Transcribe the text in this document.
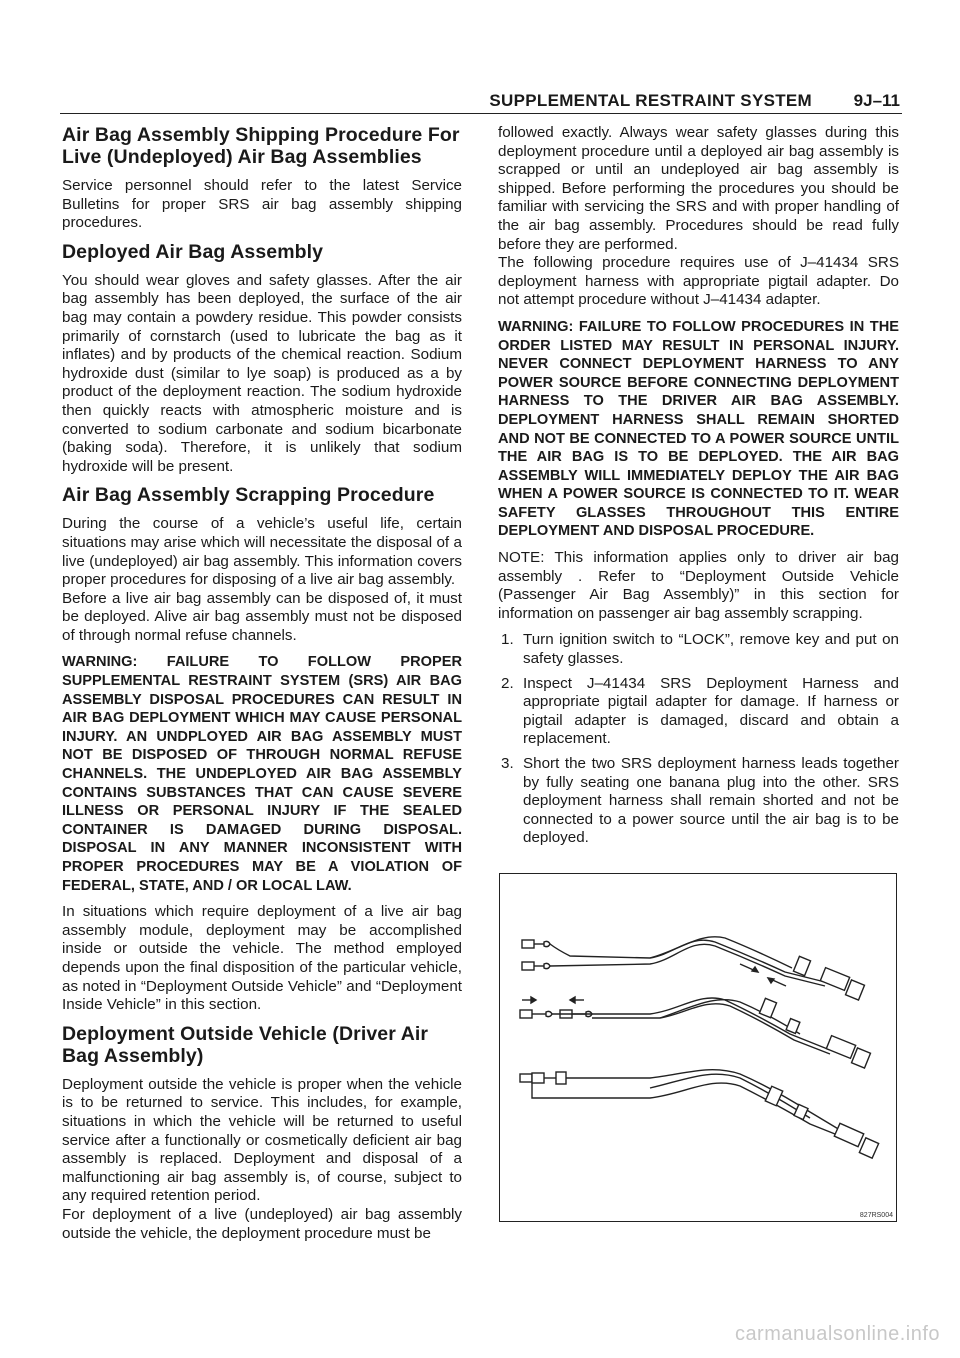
SUPPLEMENTAL RESTRAINT SYSTEM 9J–11
Air Bag Assembly Shipping Procedure For Live (Undeployed) Air Bag Assemblies

Service personnel should refer to the latest Service Bulletins for proper SRS air bag assembly shipping procedures.

Deployed Air Bag Assembly

You should wear gloves and safety glasses. After the air bag assembly has been deployed, the surface of the air bag may contain a powdery residue. This powder consists primarily of cornstarch (used to lubricate the bag as it inflates) and by products of the chemical reaction. Sodium hydroxide dust (similar to lye soap) is produced as a by product of the deployment reaction. The sodium hydroxide then quickly reacts with atmospheric moisture and is converted to sodium carbonate and sodium bicarbonate (baking soda). Therefore, it is unlikely that sodium hydroxide will be present.

Air Bag Assembly Scrapping Procedure

During the course of a vehicle’s useful life, certain situations may arise which will necessitate the disposal of a live (undeployed) air bag assembly. This information covers proper procedures for disposing of a live air bag assembly.

Before a live air bag assembly can be disposed of, it must be deployed. Alive air bag assembly must not be disposed of through normal refuse channels.

WARNING: FAILURE TO FOLLOW PROPER SUPPLEMENTAL RESTRAINT SYSTEM (SRS) AIR BAG ASSEMBLY DISPOSAL PROCEDURES CAN RESULT IN AIR BAG DEPLOYMENT WHICH MAY CAUSE PERSONAL INJURY. AN UNDPLOYED AIR BAG ASSEMBLY MUST NOT BE DISPOSED OF THROUGH NORMAL REFUSE CHANNELS. THE UNDEPLOYED AIR BAG ASSEMBLY CONTAINS SUBSTANCES THAT CAN CAUSE SEVERE ILLNESS OR PERSONAL INJURY IF THE SEALED CONTAINER IS DAMAGED DURING DISPOSAL. DISPOSAL IN ANY MANNER INCONSISTENT WITH PROPER PROCEDURES MAY BE A VIOLATION OF FEDERAL, STATE, AND / OR LOCAL LAW.

In situations which require deployment of a live air bag assembly module, deployment may be accomplished inside or outside the vehicle. The method employed depends upon the final disposition of the particular vehicle, as noted in “Deployment Outside Vehicle” and “Deployment Inside Vehicle” in this section.

Deployment Outside Vehicle (Driver Air Bag Assembly)

Deployment outside the vehicle is proper when the vehicle is to be returned to service. This includes, for example, situations in which the vehicle will be returned to useful service after a functionally or cosmetically deficient air bag assembly is replaced. Deployment and disposal of a malfunctioning air bag assembly is, of course, subject to any required retention period.

For deployment of a live (undeployed) air bag assembly outside the vehicle, the deployment procedure must be

followed exactly. Always wear safety glasses during this deployment procedure until a deployed air bag assembly is scrapped or until an undeployed air bag assembly is shipped. Before performing the procedures you should be familiar with servicing the SRS and with proper handling of the air bag assembly. Procedures should be read fully before they are performed.

The following procedure requires use of J–41434 SRS deployment harness with appropriate pigtail adapter. Do not attempt procedure without J–41434 adapter.

WARNING: FAILURE TO FOLLOW PROCEDURES IN THE ORDER LISTED MAY RESULT IN PERSONAL INJURY. NEVER CONNECT DEPLOYMENT HARNESS TO ANY POWER SOURCE BEFORE CONNECTING DEPLOYMENT HARNESS TO THE DRIVER AIR BAG ASSEMBLY. DEPLOYMENT HARNESS SHALL REMAIN SHORTED AND NOT BE CONNECTED TO A POWER SOURCE UNTIL THE AIR BAG IS TO BE DEPLOYED. THE AIR BAG ASSEMBLY WILL IMMEDIATELY DEPLOY THE AIR BAG WHEN A POWER SOURCE IS CONNECTED TO IT. WEAR SAFETY GLASSES THROUGHOUT THIS ENTIRE DEPLOYMENT AND DISPOSAL PROCEDURE.

NOTE: This information applies only to driver air bag assembly . Refer to “Deployment Outside Vehicle (Passenger Air Bag Assembly)” in this section for information on passenger air bag assembly scrapping.

1. Turn ignition switch to “LOCK”, remove key and put on safety glasses.
2. Inspect J–41434 SRS Deployment Harness and appropriate pigtail adapter for damage. If harness or pigtail adapter is damaged, discard and obtain a replacement.
3. Short the two SRS deployment harness leads together by fully seating one banana plug into the other. SRS deployment harness shall remain shorted and not be connected to a power source until the air bag is to be deployed.
827RS004
carmanualsonline.info
